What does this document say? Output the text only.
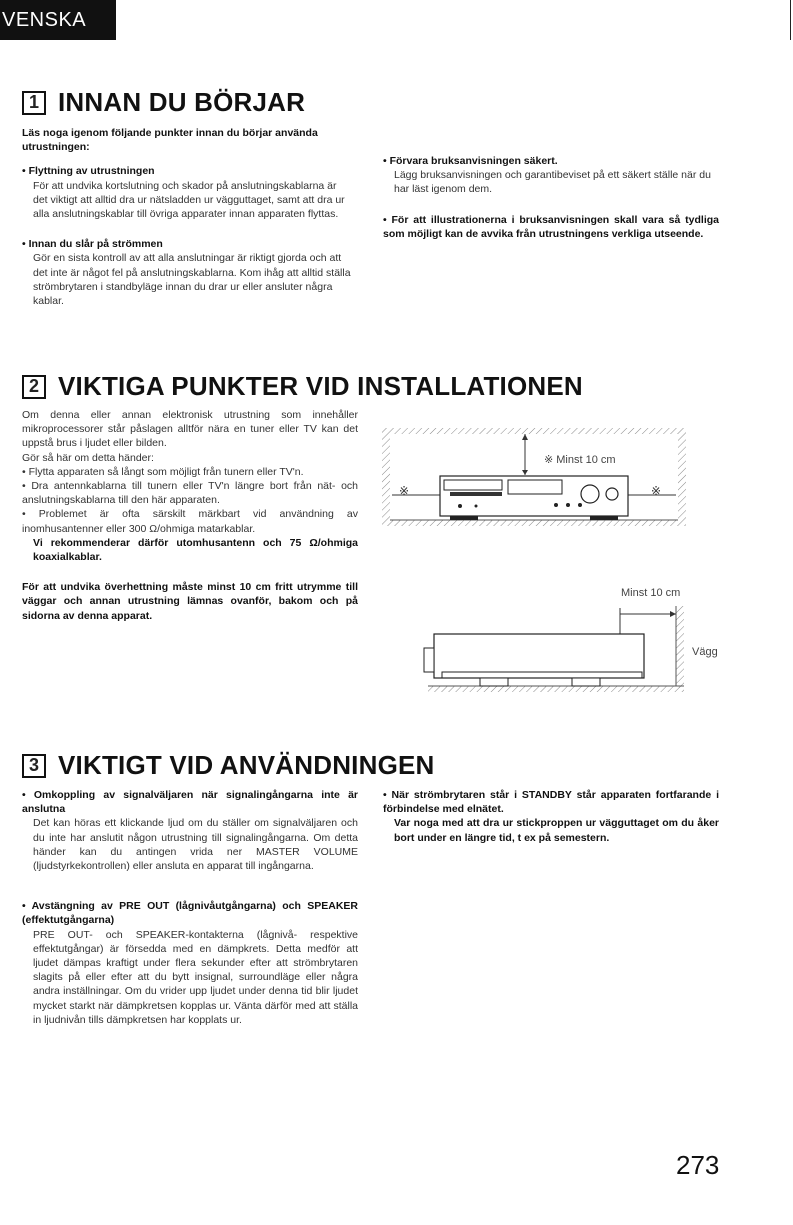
VENSKA
1 INNAN DU BÖRJAR

Läs noga igenom följande punkter innan du börjar använda utrustningen:

• Flyttning av utrustningen

För att undvika kortslutning och skador på anslutningskablarna är det viktigt att alltid dra ur nätsladden ur vägguttaget, samt att dra ur alla anslutningskablar till övriga apparater innan apparaten flyttas.

• Innan du slår på strömmen

Gör en sista kontroll av att alla anslutningar är riktigt gjorda och att det inte är något fel på anslutningskablarna. Kom ihåg att alltid ställa strömbrytaren i standbyläge innan du drar ur eller ansluter några kablar.

• Förvara bruksanvisningen säkert.

Lägg bruksanvisningen och garantibeviset på ett säkert ställe när du har läst igenom dem.

• För att illustrationerna i bruksanvisningen skall vara så tydliga som möjligt kan de avvika från utrustningens verkliga utseende.

2 VIKTIGA PUNKTER VID INSTALLATIONEN

Om denna eller annan elektronisk utrustning som innehåller mikroprocessorer står påslagen alltför nära en tuner eller TV kan det uppstå brus i ljudet eller bilden.

Gör så här om detta händer:

• Flytta apparaten så långt som möjligt från tunern eller TV'n.

• Dra antennkablarna till tunern eller TV'n längre bort från nät- och anslutningskablarna till den här apparaten.

• Problemet är ofta särskilt märkbart vid användning av inomhusantenner eller 300 Ω/ohmiga matarkablar.

Vi rekommenderar därför utomhusantenn och 75 Ω/ohmiga koaxialkablar.

För att undvika överhettning måste minst 10 cm fritt utrymme till väggar och annan utrustning lämnas ovanför, bakom och på sidorna av denna apparat.

※ Minst 10 cm
※	※
Minst 10 cm
Vägg
3 VIKTIGT VID ANVÄNDNINGEN

• Omkoppling av signalväljaren när signalingångarna inte är anslutna

Det kan höras ett klickande ljud om du ställer om signalväljaren och du inte har anslutit någon utrustning till signalingångarna. Om detta händer kan du antingen vrida ner MASTER VOLUME (ljudstyrkekontrollen) eller ansluta en apparat till ingångarna.

• Avstängning av PRE OUT (lågnivåutgångarna) och SPEAKER (effektutgångarna)

PRE OUT- och SPEAKER-kontakterna (lågnivå- respektive effektutgångar) är försedda med en dämpkrets. Detta medför att ljudet dämpas kraftigt under flera sekunder efter att strömbrytaren slagits på eller efter att du bytt insignal, surroundläge eller några andra inställningar. Om du vrider upp ljudet under denna tid blir ljudet mycket starkt när dämpkretsen kopplas ur. Vänta därför med att ställa in ljudnivån tills dämpkretsen har kopplats ur.

• När strömbrytaren står i STANDBY står apparaten fortfarande i förbindelse med elnätet.

Var noga med att dra ur stickproppen ur vägguttaget om du åker bort under en längre tid, t ex på semestern.

273
